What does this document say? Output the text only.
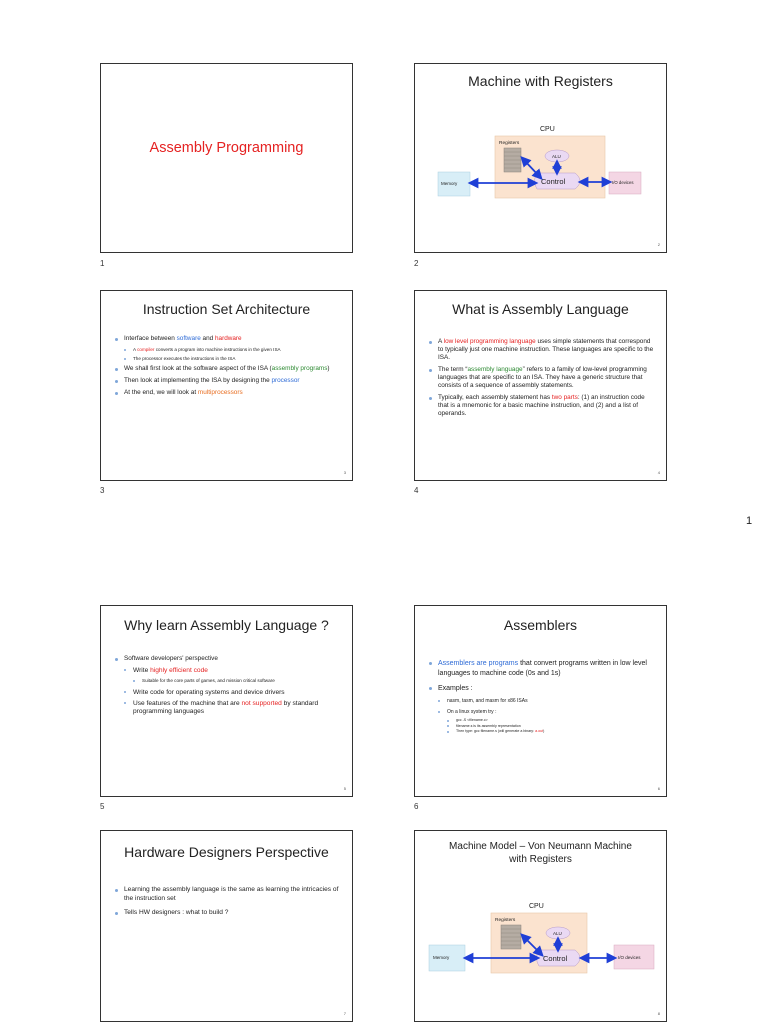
Assembly Programming
1
Machine with Registers
CPU
Registers
ALU
Control
Memory	I/O devices
2
2
Instruction Set Architecture
Interface between software and hardware
A compiler converts a program into machine instructions in the given ISA
The processor executes the instructions in the ISA
We shall first look at the software aspect of the ISA (assembly programs)
Then look at implementing the ISA by designing the processor
At the end, we will look at multiprocessors
3
3
What is Assembly Language
A low level programming language uses simple statements that correspond to typically just one machine instruction. These languages are specific to the ISA.
The term “assembly language” refers to a family of low-level programming languages that are specific to an ISA. They have a generic structure that consists of a sequence of assembly statements.
Typically, each assembly statement has two parts: (1) an instruction code that is a mnemonic for a basic machine instruction, and (2) and a list of operands.
4
4
1
Why learn Assembly Language ?
Software developers' perspective
Write highly efficient code
Suitable for the core parts of games, and mission critical software
Write code for operating systems and device drivers
Use features of the machine that are not supported by standard programming languages
5
5
Assemblers
Assemblers are programs that convert programs written in low level languages to machine code (0s and 1s)
Examples :
nasm, tasm, and masm for x86 ISAs
On a linux system try :
gcc -S <filename.c>
filename.s is its assembly representation
Then type: gcc filename.s (will generate a binary: a.out)
6
6
Hardware Designers Perspective
Learning the assembly language is the same as learning the intricacies of the instruction set
Tells HW designers : what to build ?
7
Machine Model – Von Neumann Machine
with Registers
CPU
Registers
ALU
Control
Memory	I/O devices
8
